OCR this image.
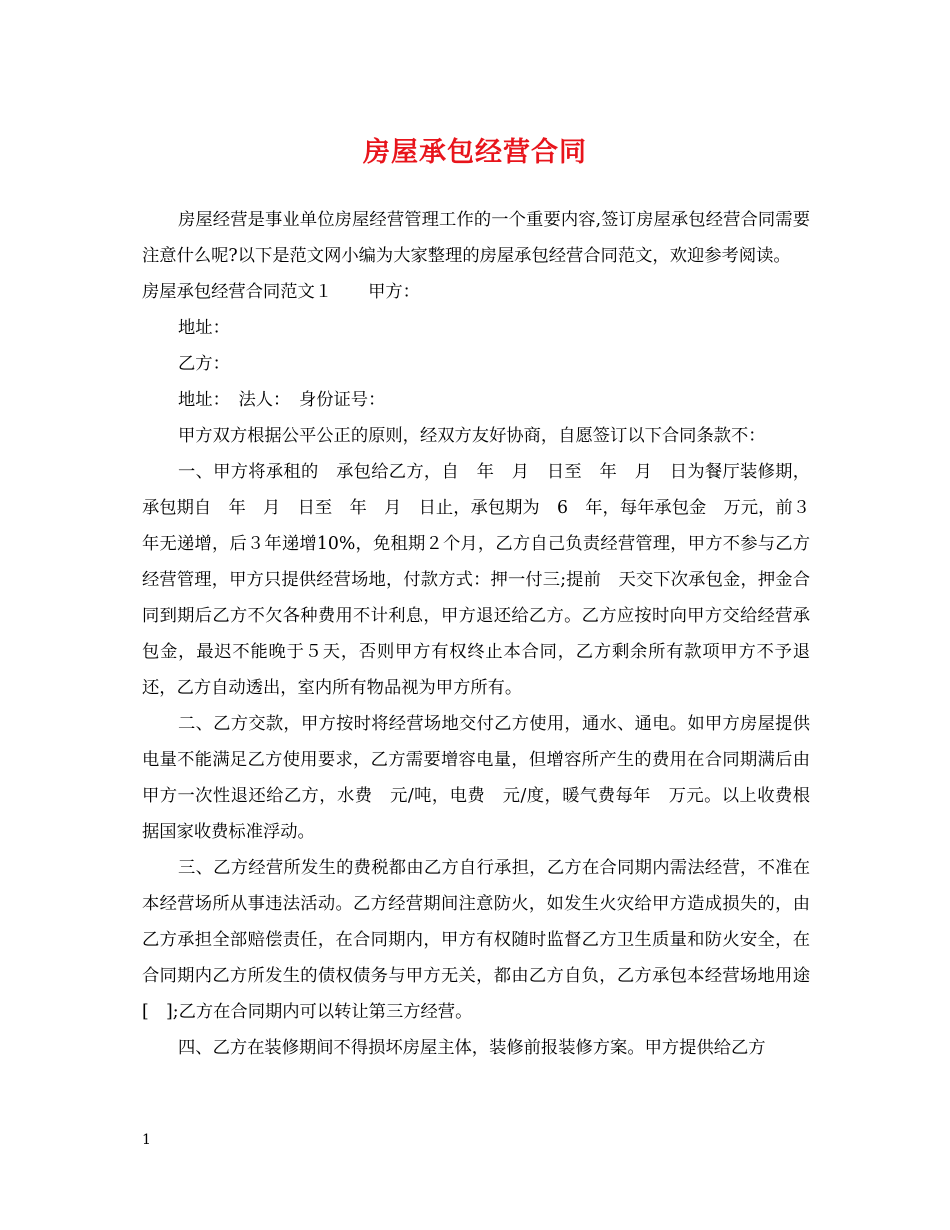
房屋承包经营合同

房屋经营是事业单位房屋经营管理工作的一个重要内容,签订房屋承包经营合同需要注意什么呢?以下是范文网小编为大家整理的房屋承包经营合同范文，欢迎参考阅读。

房屋承包经营合同范文１ 甲方：

地址：

乙方：

地址：　法人：　身份证号：

甲方双方根据公平公正的原则，经双方友好协商，自愿签订以下合同条款不：

一、甲方将承租的　承包给乙方，自　年　月　日至　年　月　日为餐厅装修期，承包期自　年　月　日至　年　月　日止，承包期为　6　年，每年承包金　万元，前３年无递增，后３年递增10%，免租期２个月，乙方自己负责经营管理，甲方不参与乙方经营管理，甲方只提供经营场地，付款方式：押一付三;提前　天交下次承包金，押金合同到期后乙方不欠各种费用不计利息，甲方退还给乙方。乙方应按时向甲方交给经营承包金，最迟不能晚于５天，否则甲方有权终止本合同，乙方剩余所有款项甲方不予退还，乙方自动透出，室内所有物品视为甲方所有。

二、乙方交款，甲方按时将经营场地交付乙方使用，通水、通电。如甲方房屋提供电量不能满足乙方使用要求，乙方需要增容电量，但增容所产生的费用在合同期满后由甲方一次性退还给乙方，水费　元/吨，电费　元/度，暖气费每年　万元。以上收费根据国家收费标准浮动。

三、乙方经营所发生的费税都由乙方自行承担，乙方在合同期内需法经营，不准在本经营场所从事违法活动。乙方经营期间注意防火，如发生火灾给甲方造成损失的，由乙方承担全部赔偿责任，在合同期内，甲方有权随时监督乙方卫生质量和防火安全，在合同期内乙方所发生的债权债务与甲方无关，都由乙方自负，乙方承包本经营场地用途[　];乙方在合同期内可以转让第三方经营。

四、乙方在装修期间不得损坏房屋主体，装修前报装修方案。甲方提供给乙方

1
